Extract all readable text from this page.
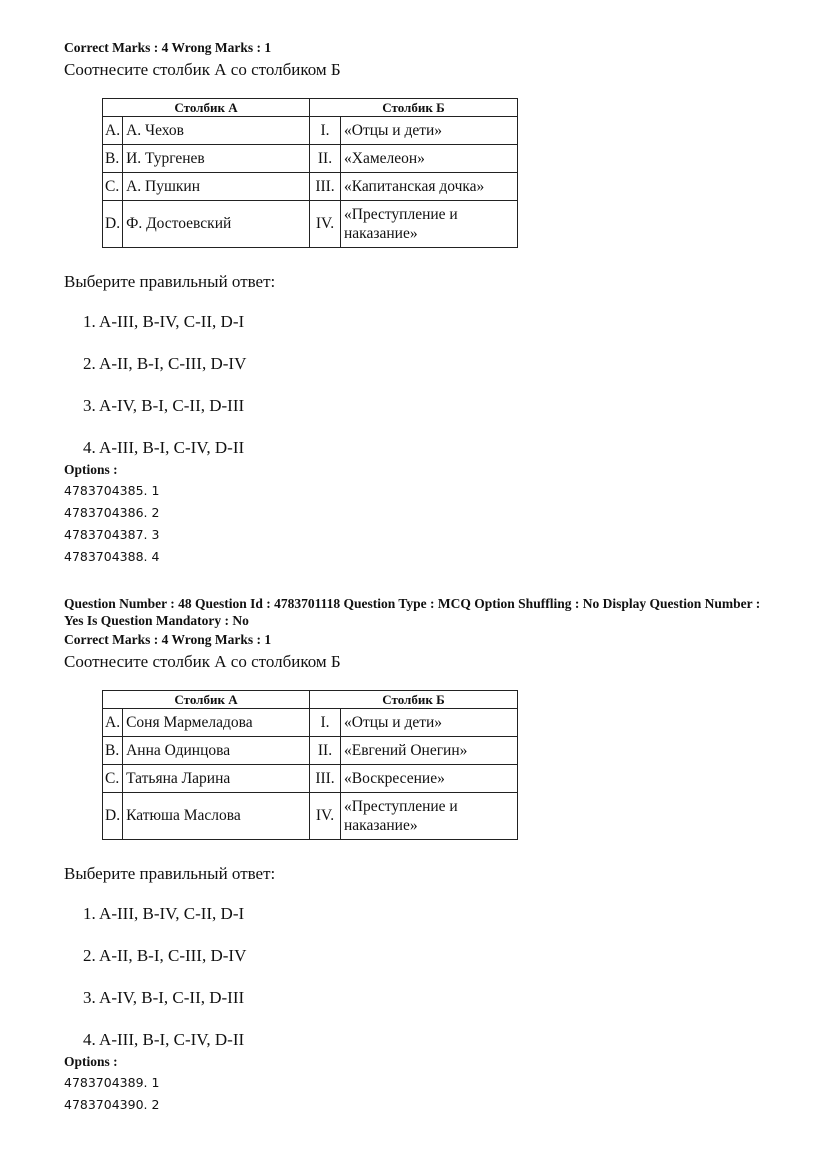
Correct Marks : 4 Wrong Marks : 1
Соотнесите столбик А со столбиком Б
Столбик А		Столбик Б	
A.	А. Чехов	I.	«Отцы и дети»
B.	И. Тургенев	II.	«Хамелеон»
C.	А. Пушкин	III.	«Капитанская дочка»
D.	Ф. Достоевский	IV.	«Преступление и наказание»
Выберите правильный ответ:
1. A-III, B-IV, C-II, D-I
2. A-II, B-I, C-III, D-IV
3. A-IV, B-I, C-II, D-III
4. A-III, B-I, C-IV, D-II
Options :
4783704385. 1
4783704386. 2
4783704387. 3
4783704388. 4
Question Number : 48 Question Id : 4783701118 Question Type : MCQ Option Shuffling : No Display Question Number : Yes Is Question Mandatory : No
Correct Marks : 4 Wrong Marks : 1
Соотнесите столбик А со столбиком Б
Столбик А		Столбик Б	
A.	Соня Мармеладова	I.	«Отцы и дети»
B.	Анна Одинцова	II.	«Евгений Онегин»
C.	Татьяна Ларина	III.	«Воскресение»
D.	Катюша Маслова	IV.	«Преступление и наказание»
Выберите правильный ответ:
1. A-III, B-IV, C-II, D-I
2. A-II, B-I, C-III, D-IV
3. A-IV, B-I, C-II, D-III
4. A-III, B-I, C-IV, D-II
Options :
4783704389. 1
4783704390. 2
